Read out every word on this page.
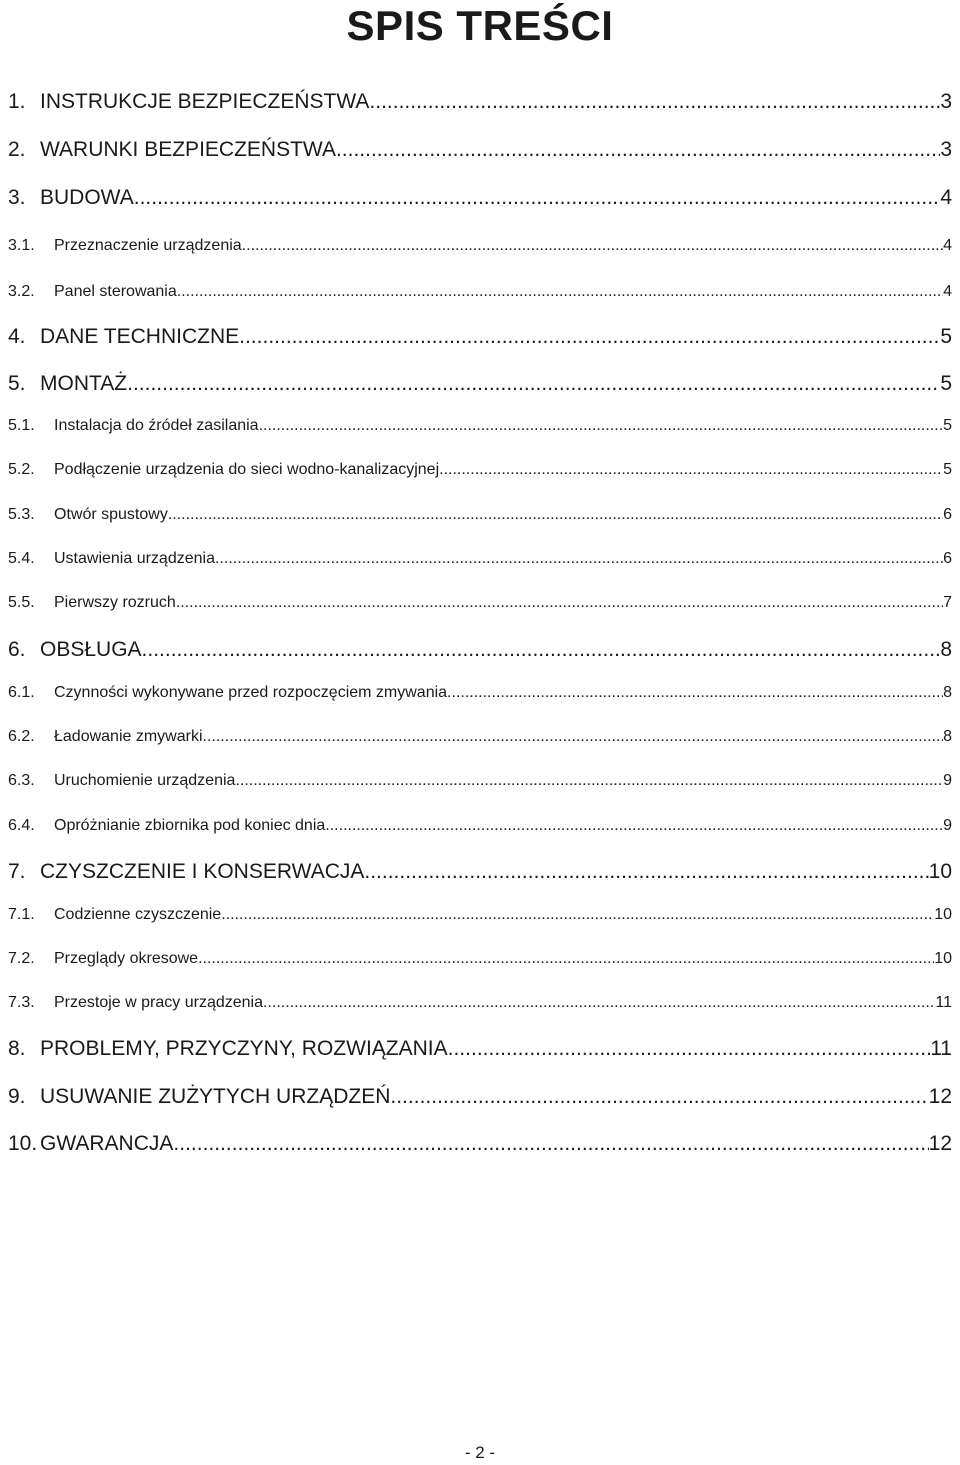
SPIS TREŚCI
1. INSTRUKCJE BEZPIECZEŃSTWA .....	3
2. WARUNKI BEZPIECZEŃSTWA .....	3
3. BUDOWA .....	4
3.1.	Przeznaczenie urządzenia .....	4
3.2.	Panel sterowania .....	4
4. DANE TECHNICZNE .....	5
5. MONTAŻ .....	5
5.1.	Instalacja do źródeł zasilania .....	5
5.2.	Podłączenie urządzenia do sieci wodno-kanalizacyjnej .....	5
5.3.	Otwór spustowy .....	6
5.4.	Ustawienia urządzenia .....	6
5.5.	Pierwszy rozruch .....	7
6. OBSŁUGA .....	8
6.1.	Czynności wykonywane przed rozpoczęciem zmywania .....	8
6.2.	Ładowanie zmywarki .....	8
6.3.	Uruchomienie urządzenia .....	9
6.4.	Opróżnianie zbiornika pod koniec dnia .....	9
7. CZYSZCZENIE I KONSERWACJA .....	10
7.1.	Codzienne czyszczenie .....	10
7.2.	Przeglądy okresowe .....	10
7.3.	Przestoje w pracy urządzenia .....	11
8. PROBLEMY, PRZYCZYNY, ROZWIĄZANIA .....	11
9. USUWANIE ZUŻYTYCH URZĄDZEŃ .....	12
10. GWARANCJA .....	12
- 2 -
